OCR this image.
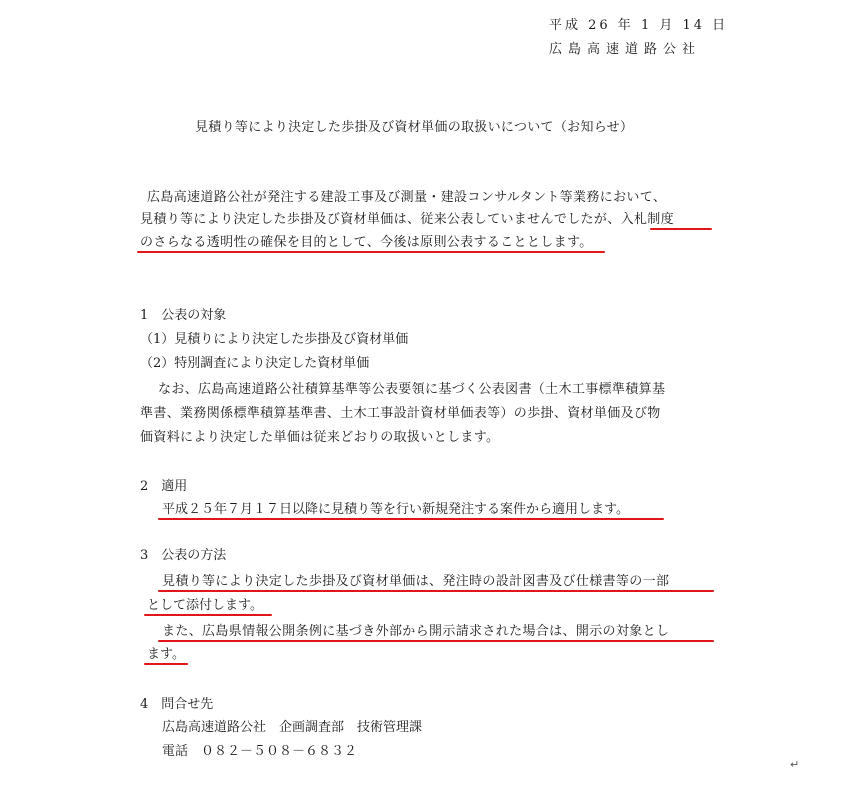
平成 26 年 1 月 14 日
広島高速道路公社
見積り等により決定した歩掛及び資材単価の取扱いについて（お知らせ）
広島高速道路公社が発注する建設工事及び測量・建設コンサルタント等業務において、
見積り等により決定した歩掛及び資材単価は、従来公表していませんでしたが、入札制度
のさらなる透明性の確保を目的として、今後は原則公表することとします。
1　公表の対象
（1）見積りにより決定した歩掛及び資材単価
（2）特別調査により決定した資材単価
なお、広島高速道路公社積算基準等公表要領に基づく公表図書（土木工事標準積算基
準書、業務関係標準積算基準書、土木工事設計資材単価表等）の歩掛、資材単価及び物
価資料により決定した単価は従来どおりの取扱いとします。
2　適用
平成２５年７月１７日以降に見積り等を行い新規発注する案件から適用します。
3　公表の方法
見積り等により決定した歩掛及び資材単価は、発注時の設計図書及び仕様書等の一部
として添付します。
また、広島県情報公開条例に基づき外部から開示請求された場合は、開示の対象とし
ます。
4　問合せ先
広島高速道路公社　企画調査部　技術管理課
電話　０８２－５０８－６８３２
↵
